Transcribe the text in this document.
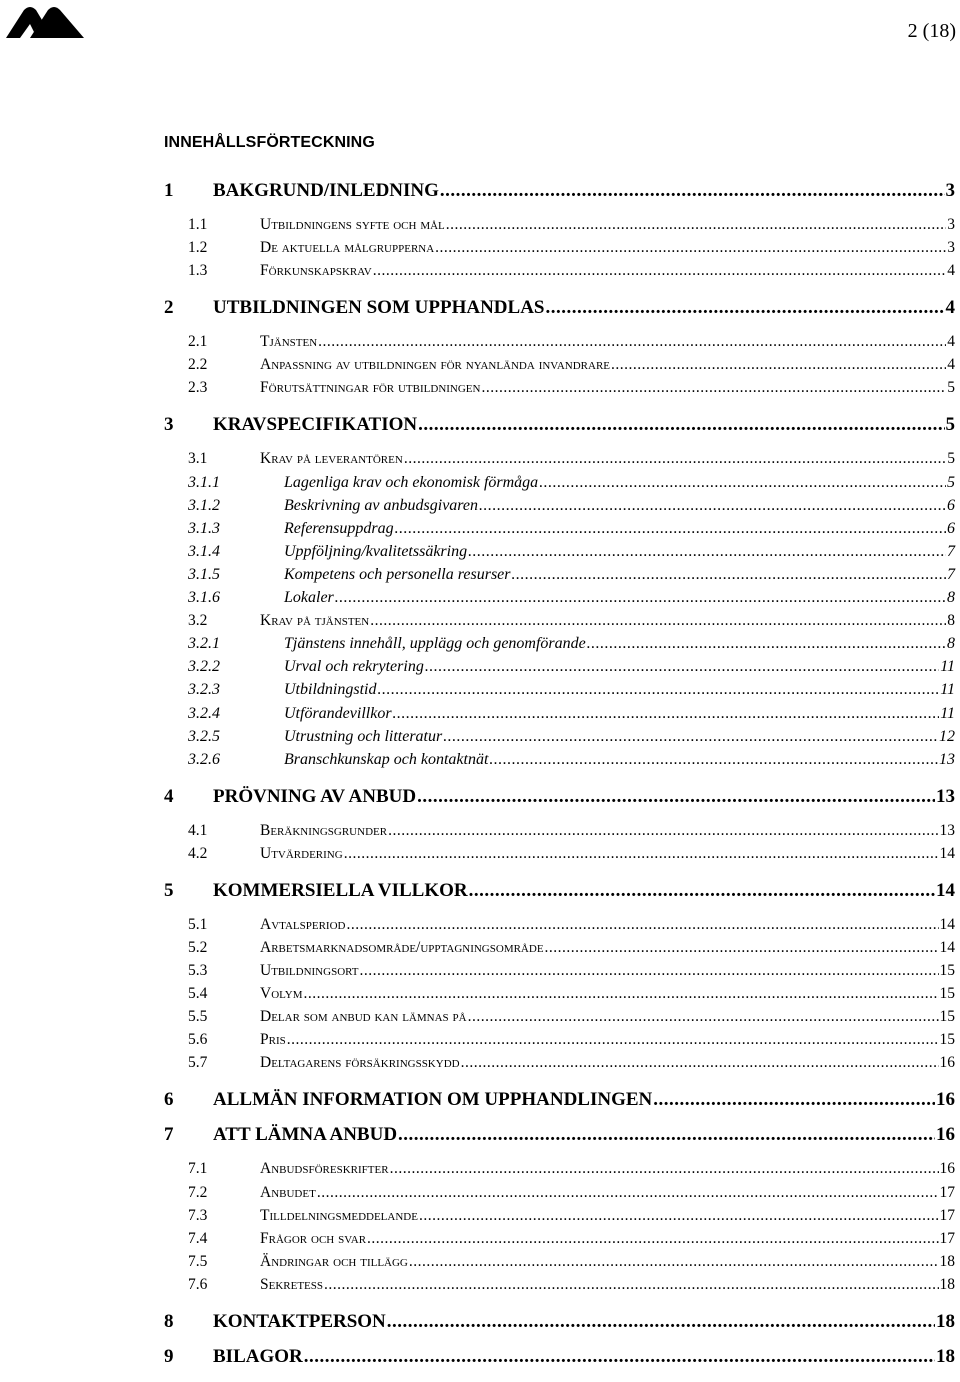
2 (18)
INNEHÅLLSFÖRTECKNING
1	BAKGRUND/INLEDNING .....	3
1.1	Utbildningens syfte och mål .....	3
1.2	De aktuella målgrupperna .....	3
1.3	Förkunskapskrav .....	4
2	UTBILDNINGEN SOM UPPHANDLAS .....	4
2.1	Tjänsten .....	4
2.2	Anpassning av utbildningen för nyanlända invandrare .....	4
2.3	Förutsättningar för utbildningen .....	5
3	KRAVSPECIFIKATION .....	5
3.1	Krav på leverantören .....	5
3.1.1	Lagenliga krav och ekonomisk förmåga .....	5
3.1.2	Beskrivning av anbudsgivaren .....	6
3.1.3	Referensuppdrag .....	6
3.1.4	Uppföljning/kvalitetssäkring .....	7
3.1.5	Kompetens och personella resurser .....	7
3.1.6	Lokaler .....	8
3.2	Krav på tjänsten .....	8
3.2.1	Tjänstens innehåll, upplägg och genomförande .....	8
3.2.2	Urval och rekrytering .....	11
3.2.3	Utbildningstid .....	11
3.2.4	Utförandevillkor .....	11
3.2.5	Utrustning och litteratur .....	12
3.2.6	Branschkunskap och kontaktnät .....	13
4	PRÖVNING AV ANBUD .....	13
4.1	Beräkningsgrunder .....	13
4.2	Utvärdering .....	14
5	KOMMERSIELLA VILLKOR .....	14
5.1	Avtalsperiod .....	14
5.2	Arbetsmarknadsområde/upptagningsområde .....	14
5.3	Utbildningsort .....	15
5.4	Volym .....	15
5.5	Delar som anbud kan lämnas på .....	15
5.6	Pris .....	15
5.7	Deltagarens försäkringsskydd .....	16
6	ALLMÄN INFORMATION OM UPPHANDLINGEN .....	16
7	ATT LÄMNA ANBUD .....	16
7.1	Anbudsföreskrifter .....	16
7.2	Anbudet .....	17
7.3	Tilldelningsmeddelande .....	17
7.4	Frågor och svar .....	17
7.5	Ändringar och tillägg .....	18
7.6	Sekretess .....	18
8	KONTAKTPERSON .....	18
9	BILAGOR .....	18
